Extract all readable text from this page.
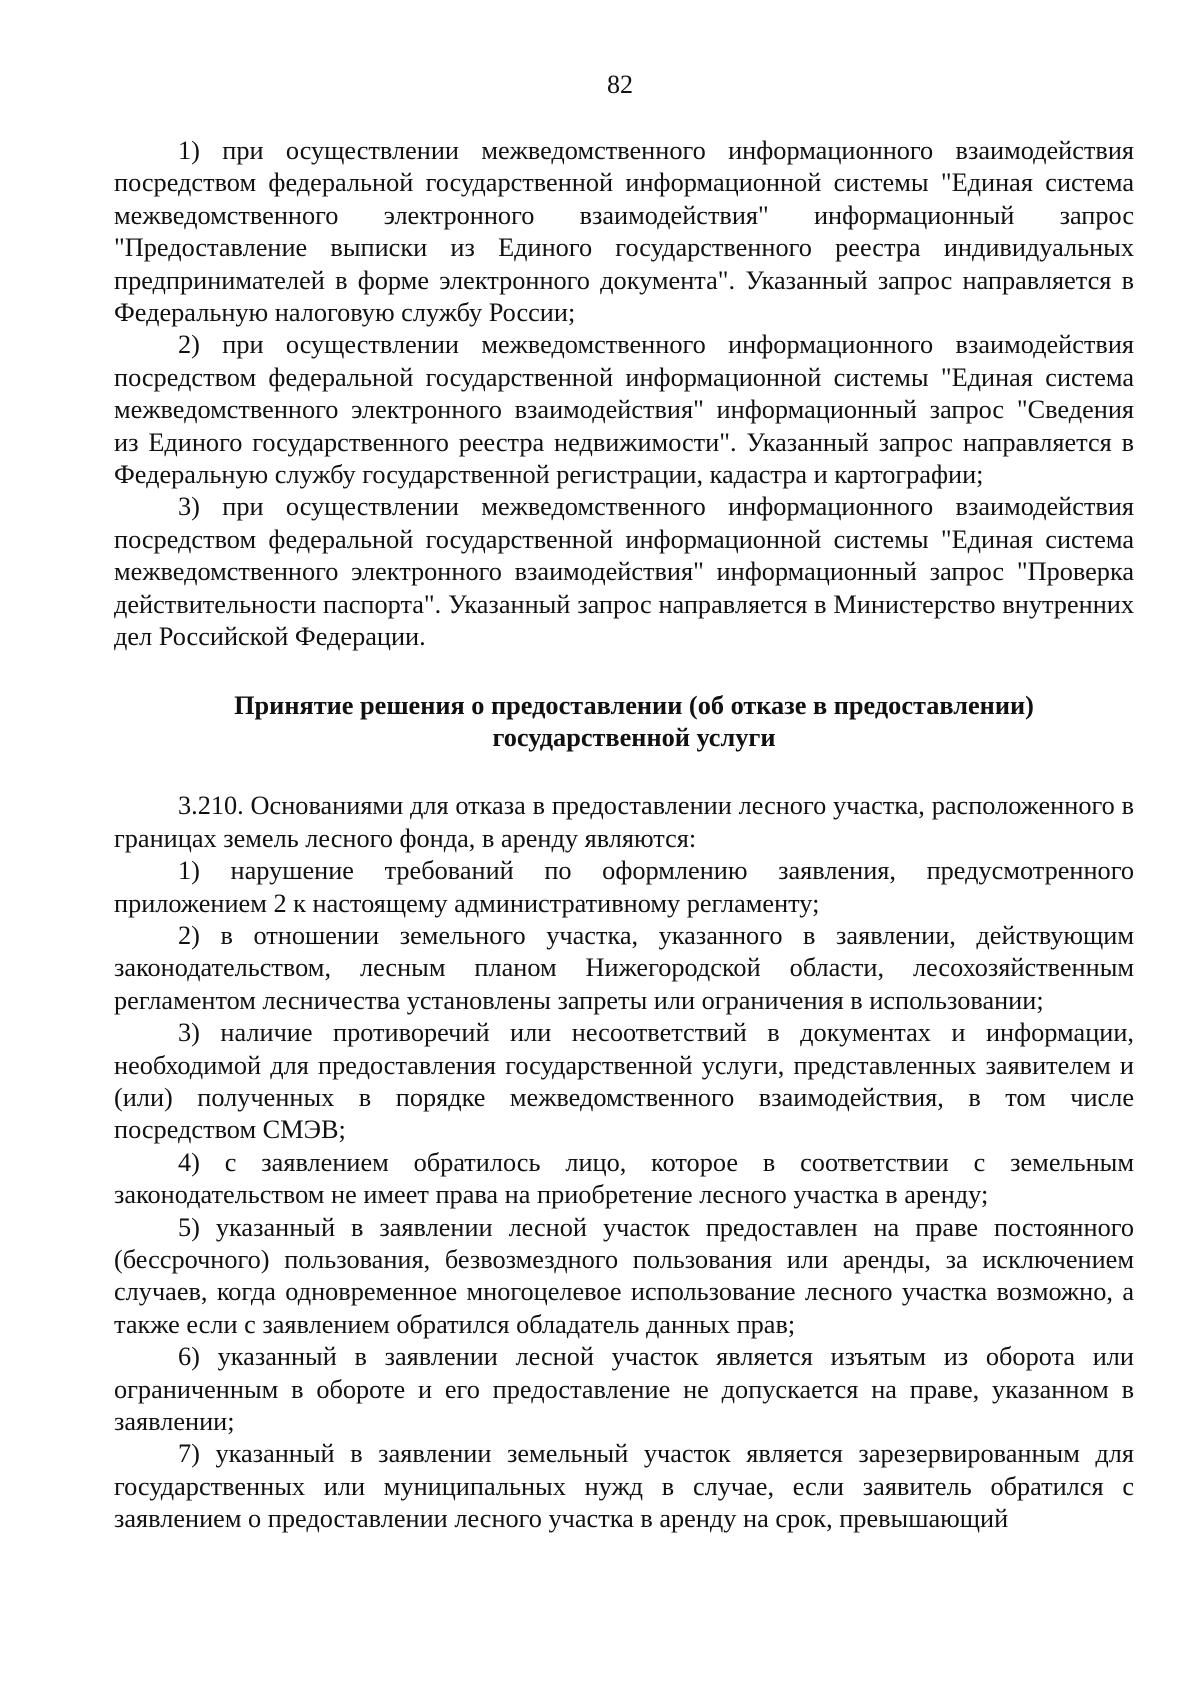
82

1) при осуществлении межведомственного информационного взаимодействия посредством федеральной государственной информационной системы "Единая система межведомственного электронного взаимодействия" информационный запрос "Предоставление выписки из Единого государственного реестра индивидуальных предпринимателей в форме электронного документа". Указанный запрос направляется в Федеральную налоговую службу России;

2) при осуществлении межведомственного информационного взаимодействия посредством федеральной государственной информационной системы "Единая система межведомственного электронного взаимодействия" информационный запрос "Сведения из Единого государственного реестра недвижимости". Указанный запрос направляется в Федеральную службу государственной регистрации, кадастра и картографии;

3) при осуществлении межведомственного информационного взаимодействия посредством федеральной государственной информационной системы "Единая система межведомственного электронного взаимодействия" информационный запрос "Проверка действительности паспорта". Указанный запрос направляется в Министерство внутренних дел Российской Федерации.

Принятие решения о предоставлении (об отказе в предоставлении)
государственной услуги

3.210. Основаниями для отказа в предоставлении лесного участка, расположенного в границах земель лесного фонда, в аренду являются:

1) нарушение требований по оформлению заявления, предусмотренного приложением 2 к настоящему административному регламенту;

2) в отношении земельного участка, указанного в заявлении, действующим законодательством, лесным планом Нижегородской области, лесохозяйственным регламентом лесничества установлены запреты или ограничения в использовании;

3) наличие противоречий или несоответствий в документах и информации, необходимой для предоставления государственной услуги, представленных заявителем и (или) полученных в порядке межведомственного взаимодействия, в том числе посредством СМЭВ;

4) с заявлением обратилось лицо, которое в соответствии с земельным законодательством не имеет права на приобретение лесного участка в аренду;

5) указанный в заявлении лесной участок предоставлен на праве постоянного (бессрочного) пользования, безвозмездного пользования или аренды, за исключением случаев, когда одновременное многоцелевое использование лесного участка возможно, а также если с заявлением обратился обладатель данных прав;

6) указанный в заявлении лесной участок является изъятым из оборота или ограниченным в обороте и его предоставление не допускается на праве, указанном в заявлении;

7) указанный в заявлении земельный участок является зарезервированным для государственных или муниципальных нужд в случае, если заявитель обратился с заявлением о предоставлении лесного участка в аренду на срок, превышающий
